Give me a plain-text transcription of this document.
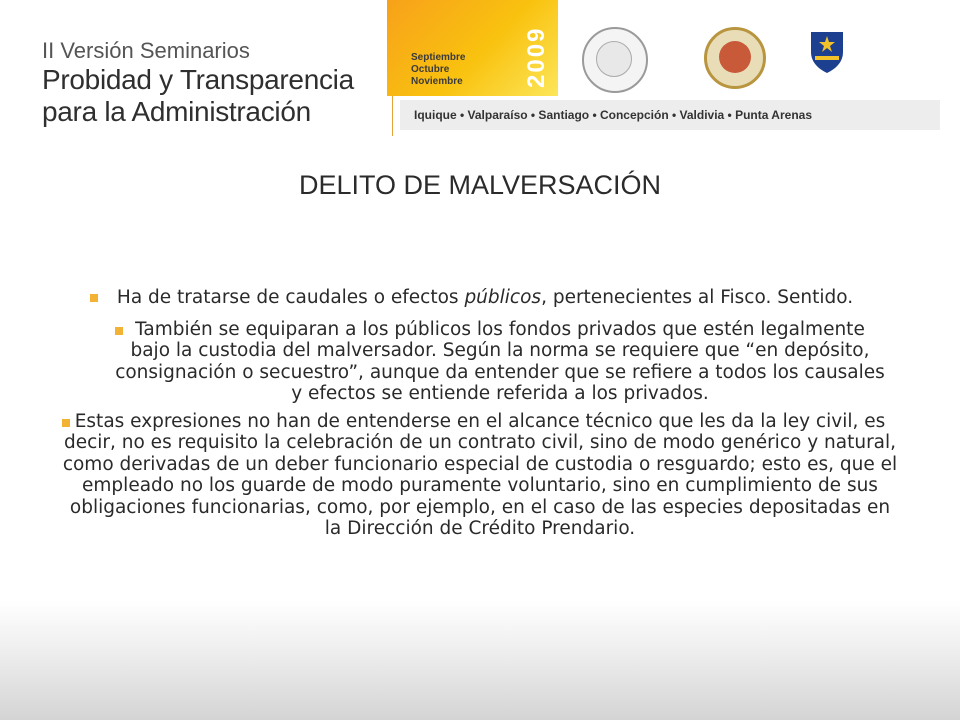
II Versión Seminarios
Probidad y Transparencia
para la Administración
Septiembre
Octubre
Noviembre	2009
Iquique • Valparaíso • Santiago • Concepción • Valdivia • Punta Arenas
DELITO DE MALVERSACIÓN
Ha de tratarse de caudales o efectos públicos, pertenecientes al Fisco. Sentido.
También se equiparan a los públicos los fondos privados que estén legalmente bajo la custodia del malversador. Según la norma se requiere que “en depósito, consignación o secuestro”, aunque da entender que se refiere a todos los causales y efectos se entiende referida a los privados.
Estas expresiones no han de entenderse en el alcance técnico que les da la ley civil, es decir, no es requisito la celebración de un contrato civil, sino de modo genérico y natural, como derivadas de un deber funcionario especial de custodia o resguardo; esto es, que el empleado no los guarde de modo puramente voluntario, sino en cumplimiento de sus obligaciones funcionarias, como, por ejemplo, en el caso de las especies depositadas en la Dirección de Crédito Prendario.
